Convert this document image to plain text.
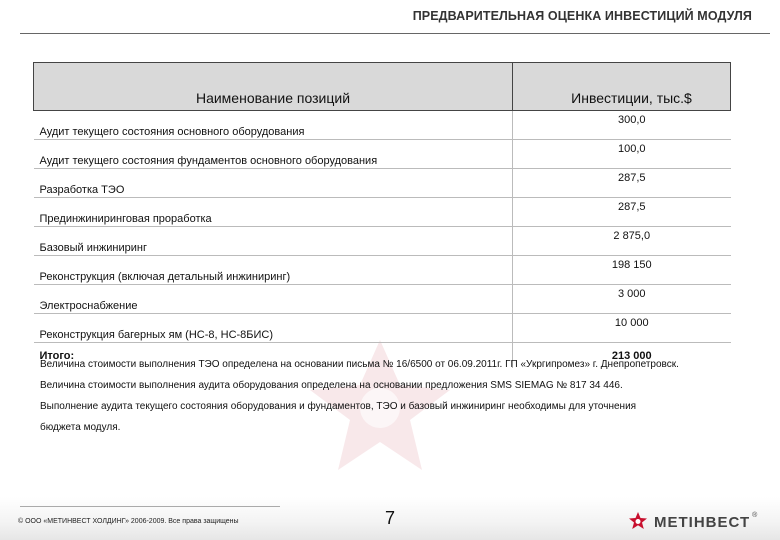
ПРЕДВАРИТЕЛЬНАЯ ОЦЕНКА ИНВЕСТИЦИЙ МОДУЛЯ
Наименование позиций	Инвестиции, тыс.$
Аудит текущего состояния основного оборудования	300,0
Аудит текущего состояния фундаментов основного оборудования	100,0
Разработка ТЭО	287,5
Прединжиниринговая проработка	287,5
Базовый инжиниринг	2 875,0
Реконструкция (включая детальный инжиниринг)	198 150
Электроснабжение	3 000
Реконструкция багерных ям (НС-8, НС-8БИС)	10 000
Итого:	213 000

Величина стоимости выполнения ТЭО определена на основании письма № 16/6500 от 06.09.2011г. ГП «Укргипромез» г. Днепропетровск.

Величина стоимости выполнения аудита оборудования определена на основании предложения SMS SIEMAG № 817 34 446.

Выполнение аудита текущего состояния оборудования и фундаментов, ТЭО и базовый инжиниринг необходимы для уточнения

бюджета модуля.

© ООО «МЕТИНВЕСТ ХОЛДИНГ» 2006-2009. Все права защищены	7	МЕТІНВЕСТ ®
